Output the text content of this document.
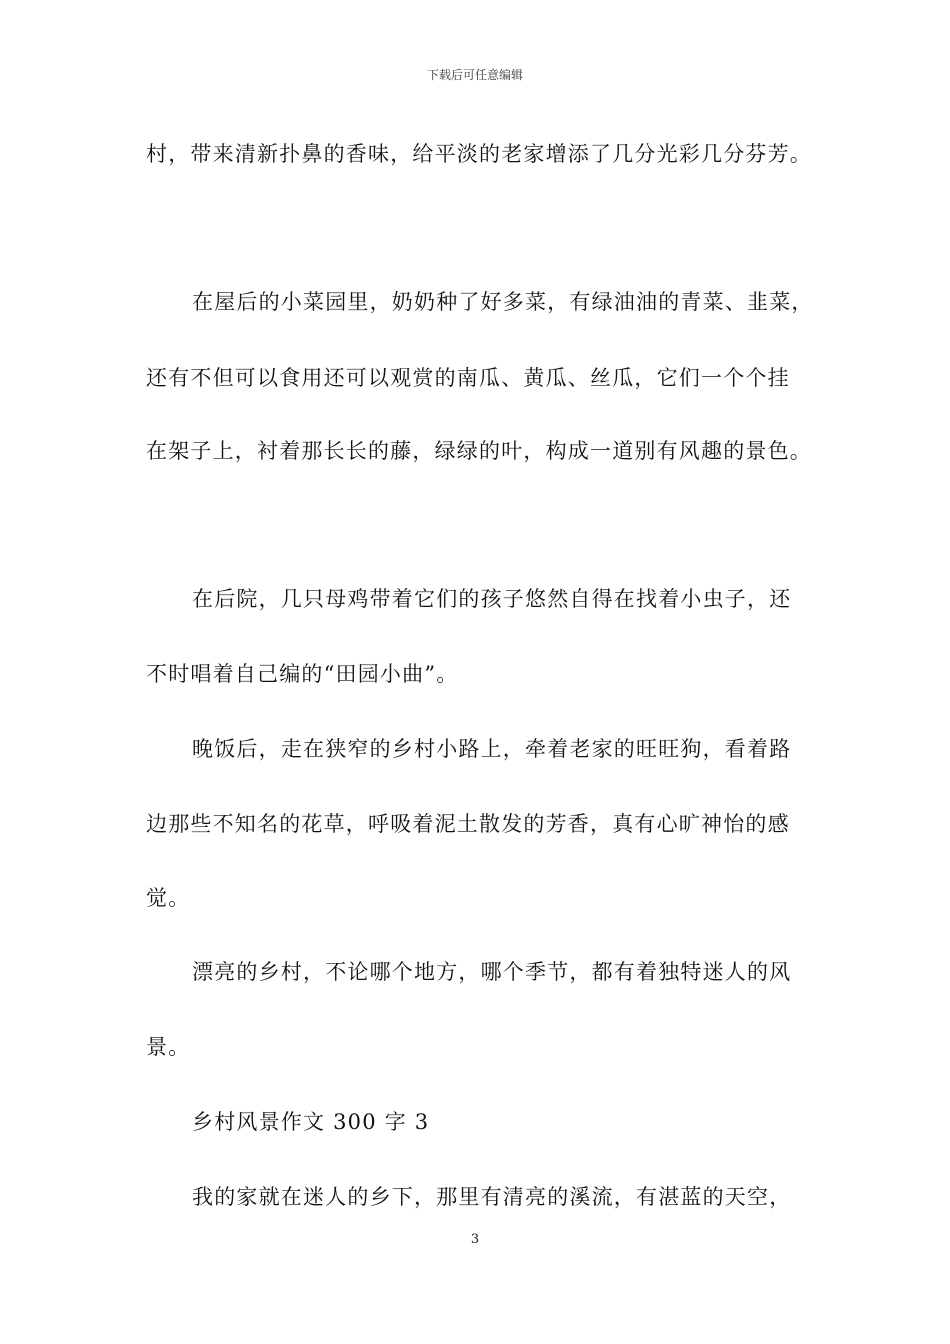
下载后可任意编辑
村，带来清新扑鼻的香味，给平淡的老家增添了几分光彩几分芬芳。
在屋后的小菜园里，奶奶种了好多菜，有绿油油的青菜、韭菜，
还有不但可以食用还可以观赏的南瓜、黄瓜、丝瓜，它们一个个挂
在架子上，衬着那长长的藤，绿绿的叶，构成一道别有风趣的景色。
在后院，几只母鸡带着它们的孩子悠然自得在找着小虫子，还
不时唱着自己编的“田园小曲”。
晚饭后，走在狭窄的乡村小路上，牵着老家的旺旺狗，看着路
边那些不知名的花草，呼吸着泥土散发的芳香，真有心旷神怡的感
觉。
漂亮的乡村，不论哪个地方，哪个季节，都有着独特迷人的风
景。
乡村风景作文 300 字 3
我的家就在迷人的乡下，那里有清亮的溪流，有湛蓝的天空，
3
